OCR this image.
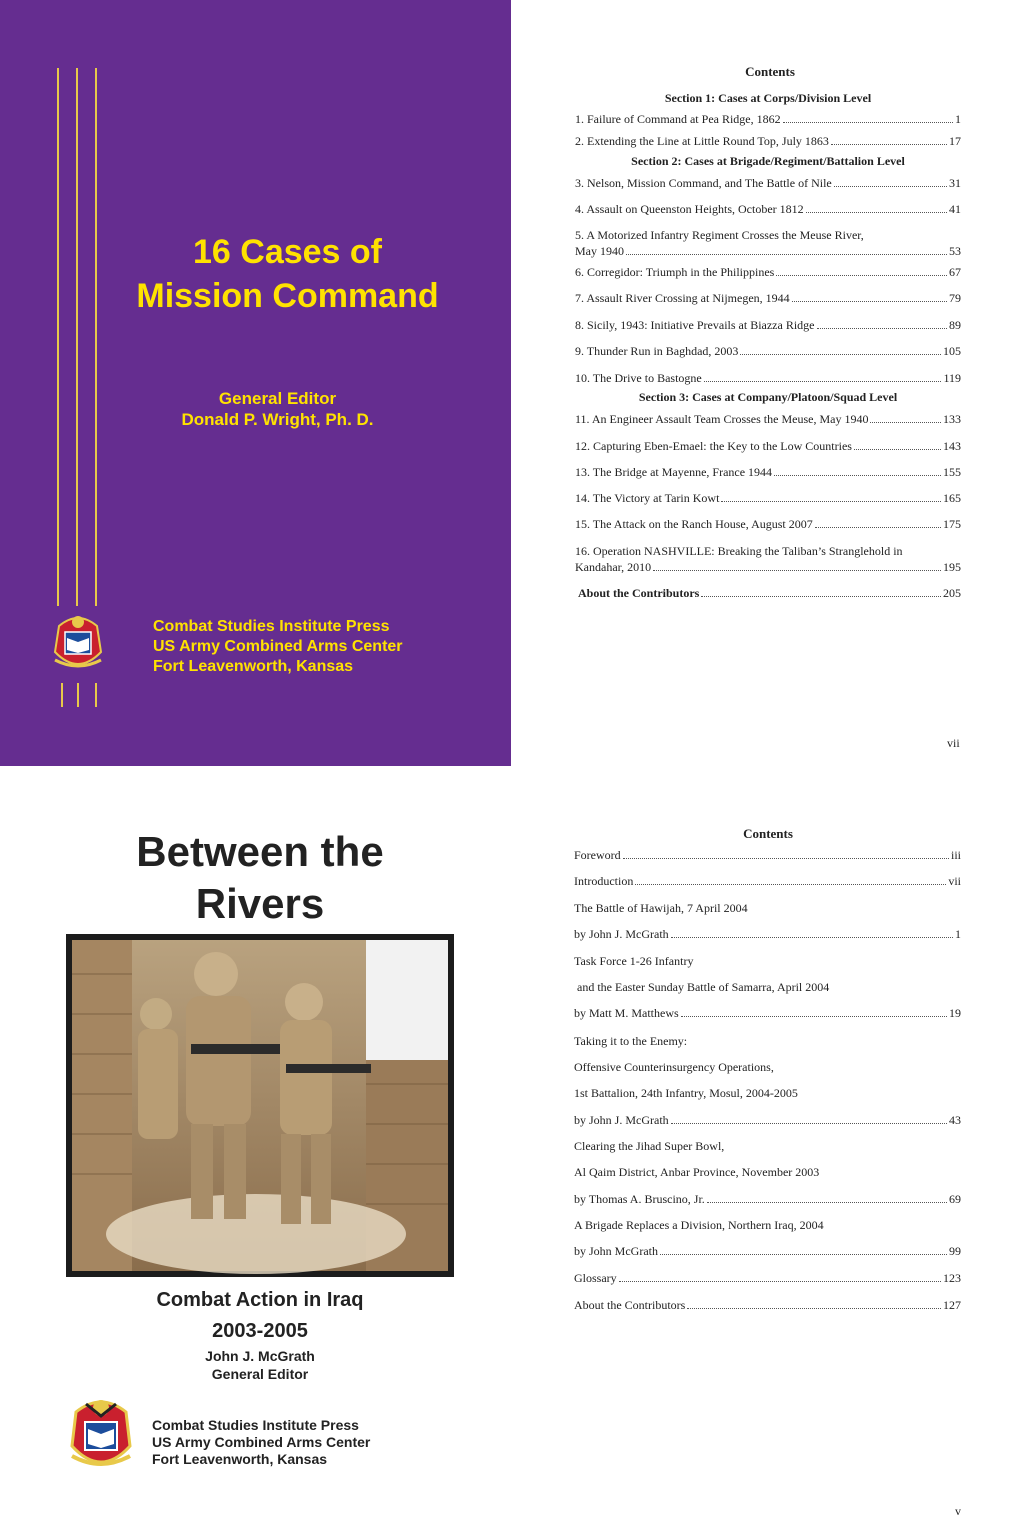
16 Cases of
Mission Command
General Editor
Donald P. Wright, Ph. D.
Combat Studies Institute Press
US Army Combined Arms Center
Fort Leavenworth, Kansas
Contents
Section 1: Cases at Corps/Division Level
1. Failure of Command at Pea Ridge, 1862	1
2. Extending the Line at Little Round Top, July 1863	17
Section 2: Cases at Brigade/Regiment/Battalion Level
3. Nelson, Mission Command, and The Battle of Nile	31
4. Assault on Queenston Heights, October 1812	41
5. A Motorized Infantry Regiment Crosses the Meuse River,
May 1940	53
6. Corregidor: Triumph in the Philippines	67
7. Assault River Crossing at Nijmegen, 1944	79
8. Sicily, 1943: Initiative Prevails at Biazza Ridge	89
9. Thunder Run in Baghdad, 2003	105
10. The Drive to Bastogne	119
Section 3: Cases at Company/Platoon/Squad Level
11. An Engineer Assault Team Crosses the Meuse, May 1940	133
12. Capturing Eben-Emael: the Key to the Low Countries	143
13. The Bridge at Mayenne, France 1944	155
14. The Victory at Tarin Kowt	165
15. The Attack on the Ranch House, August 2007	175
16. Operation NASHVILLE: Breaking the Taliban’s Stranglehold in
Kandahar, 2010	195
About the Contributors	205
vii
Between the
Rivers
Combat Action in Iraq
2003-2005
John J. McGrath
General Editor
Combat Studies Institute Press
US Army Combined Arms Center
Fort Leavenworth, Kansas
Contents
Foreword	iii
Introduction	vii
The Battle of Hawijah, 7 April 2004
by John J. McGrath	1
Task Force 1-26 Infantry
and the Easter Sunday Battle of Samarra, April 2004
by Matt M. Matthews	19
Taking it to the Enemy:
Offensive Counterinsurgency Operations,
1st Battalion, 24th Infantry, Mosul, 2004-2005
by John J. McGrath	43
Clearing the Jihad Super Bowl,
Al Qaim District, Anbar Province, November 2003
by Thomas A. Bruscino, Jr.	69
A Brigade Replaces a Division, Northern Iraq, 2004
by John McGrath	99
Glossary	123
About the Contributors	127
v
